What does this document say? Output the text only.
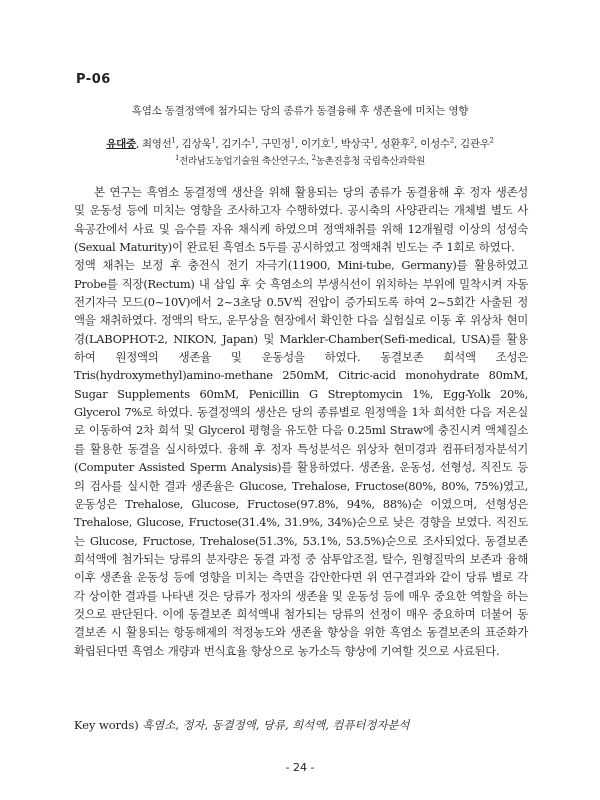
P-06

흑염소 동결정액에 첨가되는 당의 종류가 동결융해 후 생존율에 미치는 영향

유대중, 최영선$^1$, 김상욱$^1$, 김기수$^1$, 구민정$^1$, 이기호$^1$, 박상국$^1$, 성환후$^2$, 이성수$^2$, 김관우$^2$

$^1$전라남도농업기술원 축산연구소, $^2$농촌진흥청 국립축산과학원

본 연구는 흑염소 동결정액 생산을 위해 활용되는 당의 종류가 동결융해 후 정자 생존성 및 운동성 등에 미치는 영향을 조사하고자 수행하였다. 공시축의 사양관리는 개체별 별도 사육공간에서 사료 및 음수를 자유 채식케 하였으며 정액채취를 위해 12개월령 이상의 성성숙(Sexual Maturity)이 완료된 흑염소 5두를 공시하였고 정액채취 빈도는 주 1회로 하였다.

정액 채취는 보정 후 충전식 전기 자극기(11900, Mini-tube, Germany)를 활용하였고 Probe를 직장(Rectum) 내 삽입 후 숫 흑염소의 부생식선이 위치하는 부위에 밀착시켜 자동 전기자극 모드(0~10V)에서 2~3초당 0.5V씩 전압이 증가되도록 하여 2~5회간 사출된 정액을 채취하였다. 정액의 탁도, 운무상을 현장에서 확인한 다음 실험실로 이동 후 위상차 현미경(LABOPHOT-2, NIKON, Japan) 및 Markler-Chamber(Sefi-medical, USA)를 활용하여 원정액의 생존율 및 운동성을 하였다. 동결보존 희석액 조성은 Tris(hydroxymethyl)amino-methane 250mM, Citric-acid monohydrate 80mM, Sugar Supplements 60mM, Penicillin G Streptomycin 1%, Egg-Yolk 20%, Glycerol 7%로 하였다. 동결정액의 생산은 당의 종류별로 원정액을 1차 희석한 다음 저온실로 이동하여 2차 희석 및 Glycerol 평형을 유도한 다음 0.25ml Straw에 충진시켜 액체질소를 활용한 동결을 실시하였다. 융해 후 정자 특성분석은 위상차 현미경과 컴퓨터정자분석기(Computer Assisted Sperm Analysis)를 활용하였다. 생존율, 운동성, 선형성, 직진도 등의 검사를 실시한 결과 생존율은 Glucose, Trehalose, Fructose(80%, 80%, 75%)였고, 운동성은 Trehalose, Glucose, Fructose(97.8%, 94%, 88%)순 이였으며, 선형성은 Trehalose, Glucose, Fructose(31.4%, 31.9%, 34%)순으로 낮은 경향을 보였다. 직진도는 Glucose, Fructose, Trehalose(51.3%, 53.1%, 53.5%)순으로 조사되었다. 동결보존 희석액에 첨가되는 당류의 분자량은 동결 과정 중 삼투압조절, 탈수, 원형질막의 보존과 융해 이후 생존율 운동성 등에 영향을 미치는 측면을 감안한다면 위 연구결과와 같이 당류 별로 각각 상이한 결과를 나타낸 것은 당류가 정자의 생존율 및 운동성 등에 매우 중요한 역할을 하는 것으로 판단된다. 이에 동결보존 희석액내 첨가되는 당류의 선정이 매우 중요하며 더불어 동결보존 시 활용되는 항동해제의 적정농도와 생존율 향상을 위한 흑염소 동결보존의 표준화가 확립된다면 흑염소 개량과 번식효율 향상으로 농가소득 향상에 기여할 것으로 사료된다.

Key words) 흑염소, 정자, 동결정액, 당류, 희석액, 컴퓨터정자분석

- 24 -
